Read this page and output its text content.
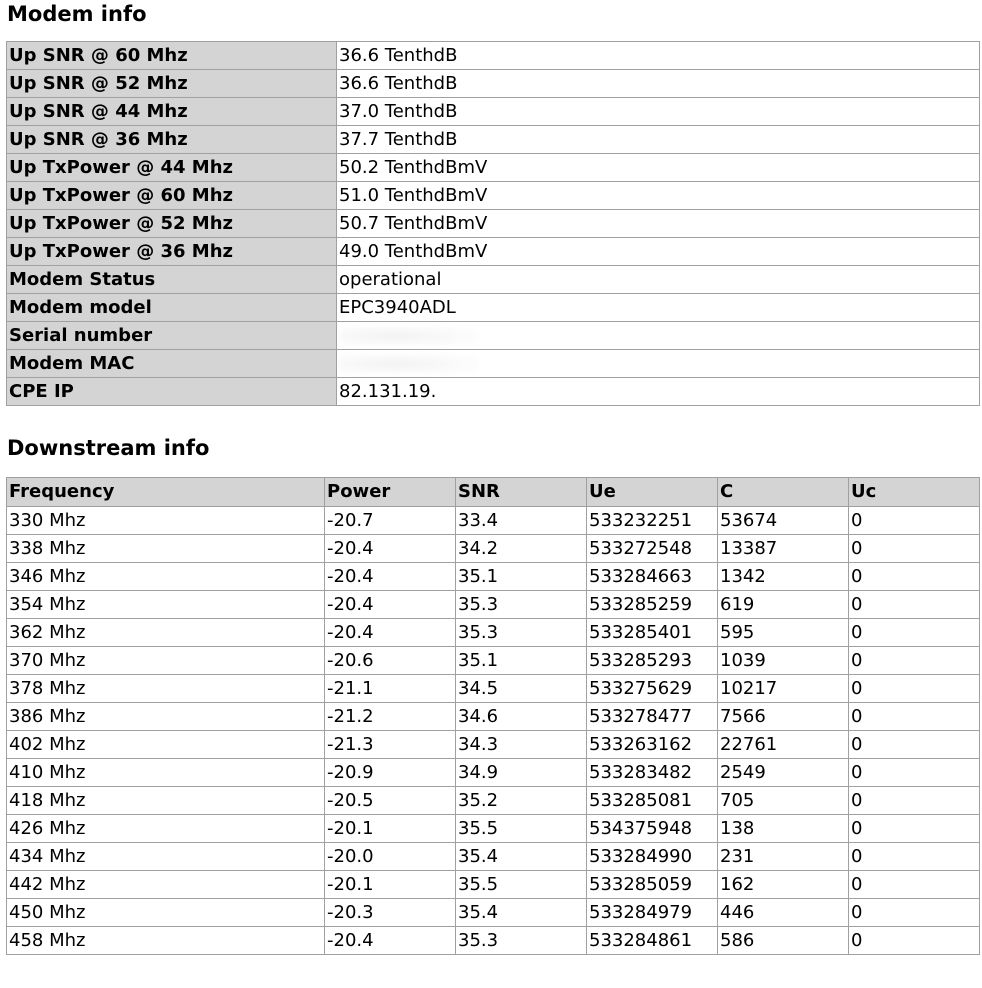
Modem info
Up SNR @ 60 Mhz	36.6 TenthdB
Up SNR @ 52 Mhz	36.6 TenthdB
Up SNR @ 44 Mhz	37.0 TenthdB
Up SNR @ 36 Mhz	37.7 TenthdB
Up TxPower @ 44 Mhz	50.2 TenthdBmV
Up TxPower @ 60 Mhz	51.0 TenthdBmV
Up TxPower @ 52 Mhz	50.7 TenthdBmV
Up TxPower @ 36 Mhz	49.0 TenthdBmV
Modem Status	operational
Modem model	EPC3940ADL
Serial number	
Modem MAC	
CPE IP	82.131.19.
Downstream info
Frequency	Power	SNR	Ue	C	Uc
330 Mhz	-20.7	33.4	533232251	53674	0
338 Mhz	-20.4	34.2	533272548	13387	0
346 Mhz	-20.4	35.1	533284663	1342	0
354 Mhz	-20.4	35.3	533285259	619	0
362 Mhz	-20.4	35.3	533285401	595	0
370 Mhz	-20.6	35.1	533285293	1039	0
378 Mhz	-21.1	34.5	533275629	10217	0
386 Mhz	-21.2	34.6	533278477	7566	0
402 Mhz	-21.3	34.3	533263162	22761	0
410 Mhz	-20.9	34.9	533283482	2549	0
418 Mhz	-20.5	35.2	533285081	705	0
426 Mhz	-20.1	35.5	534375948	138	0
434 Mhz	-20.0	35.4	533284990	231	0
442 Mhz	-20.1	35.5	533285059	162	0
450 Mhz	-20.3	35.4	533284979	446	0
458 Mhz	-20.4	35.3	533284861	586	0
